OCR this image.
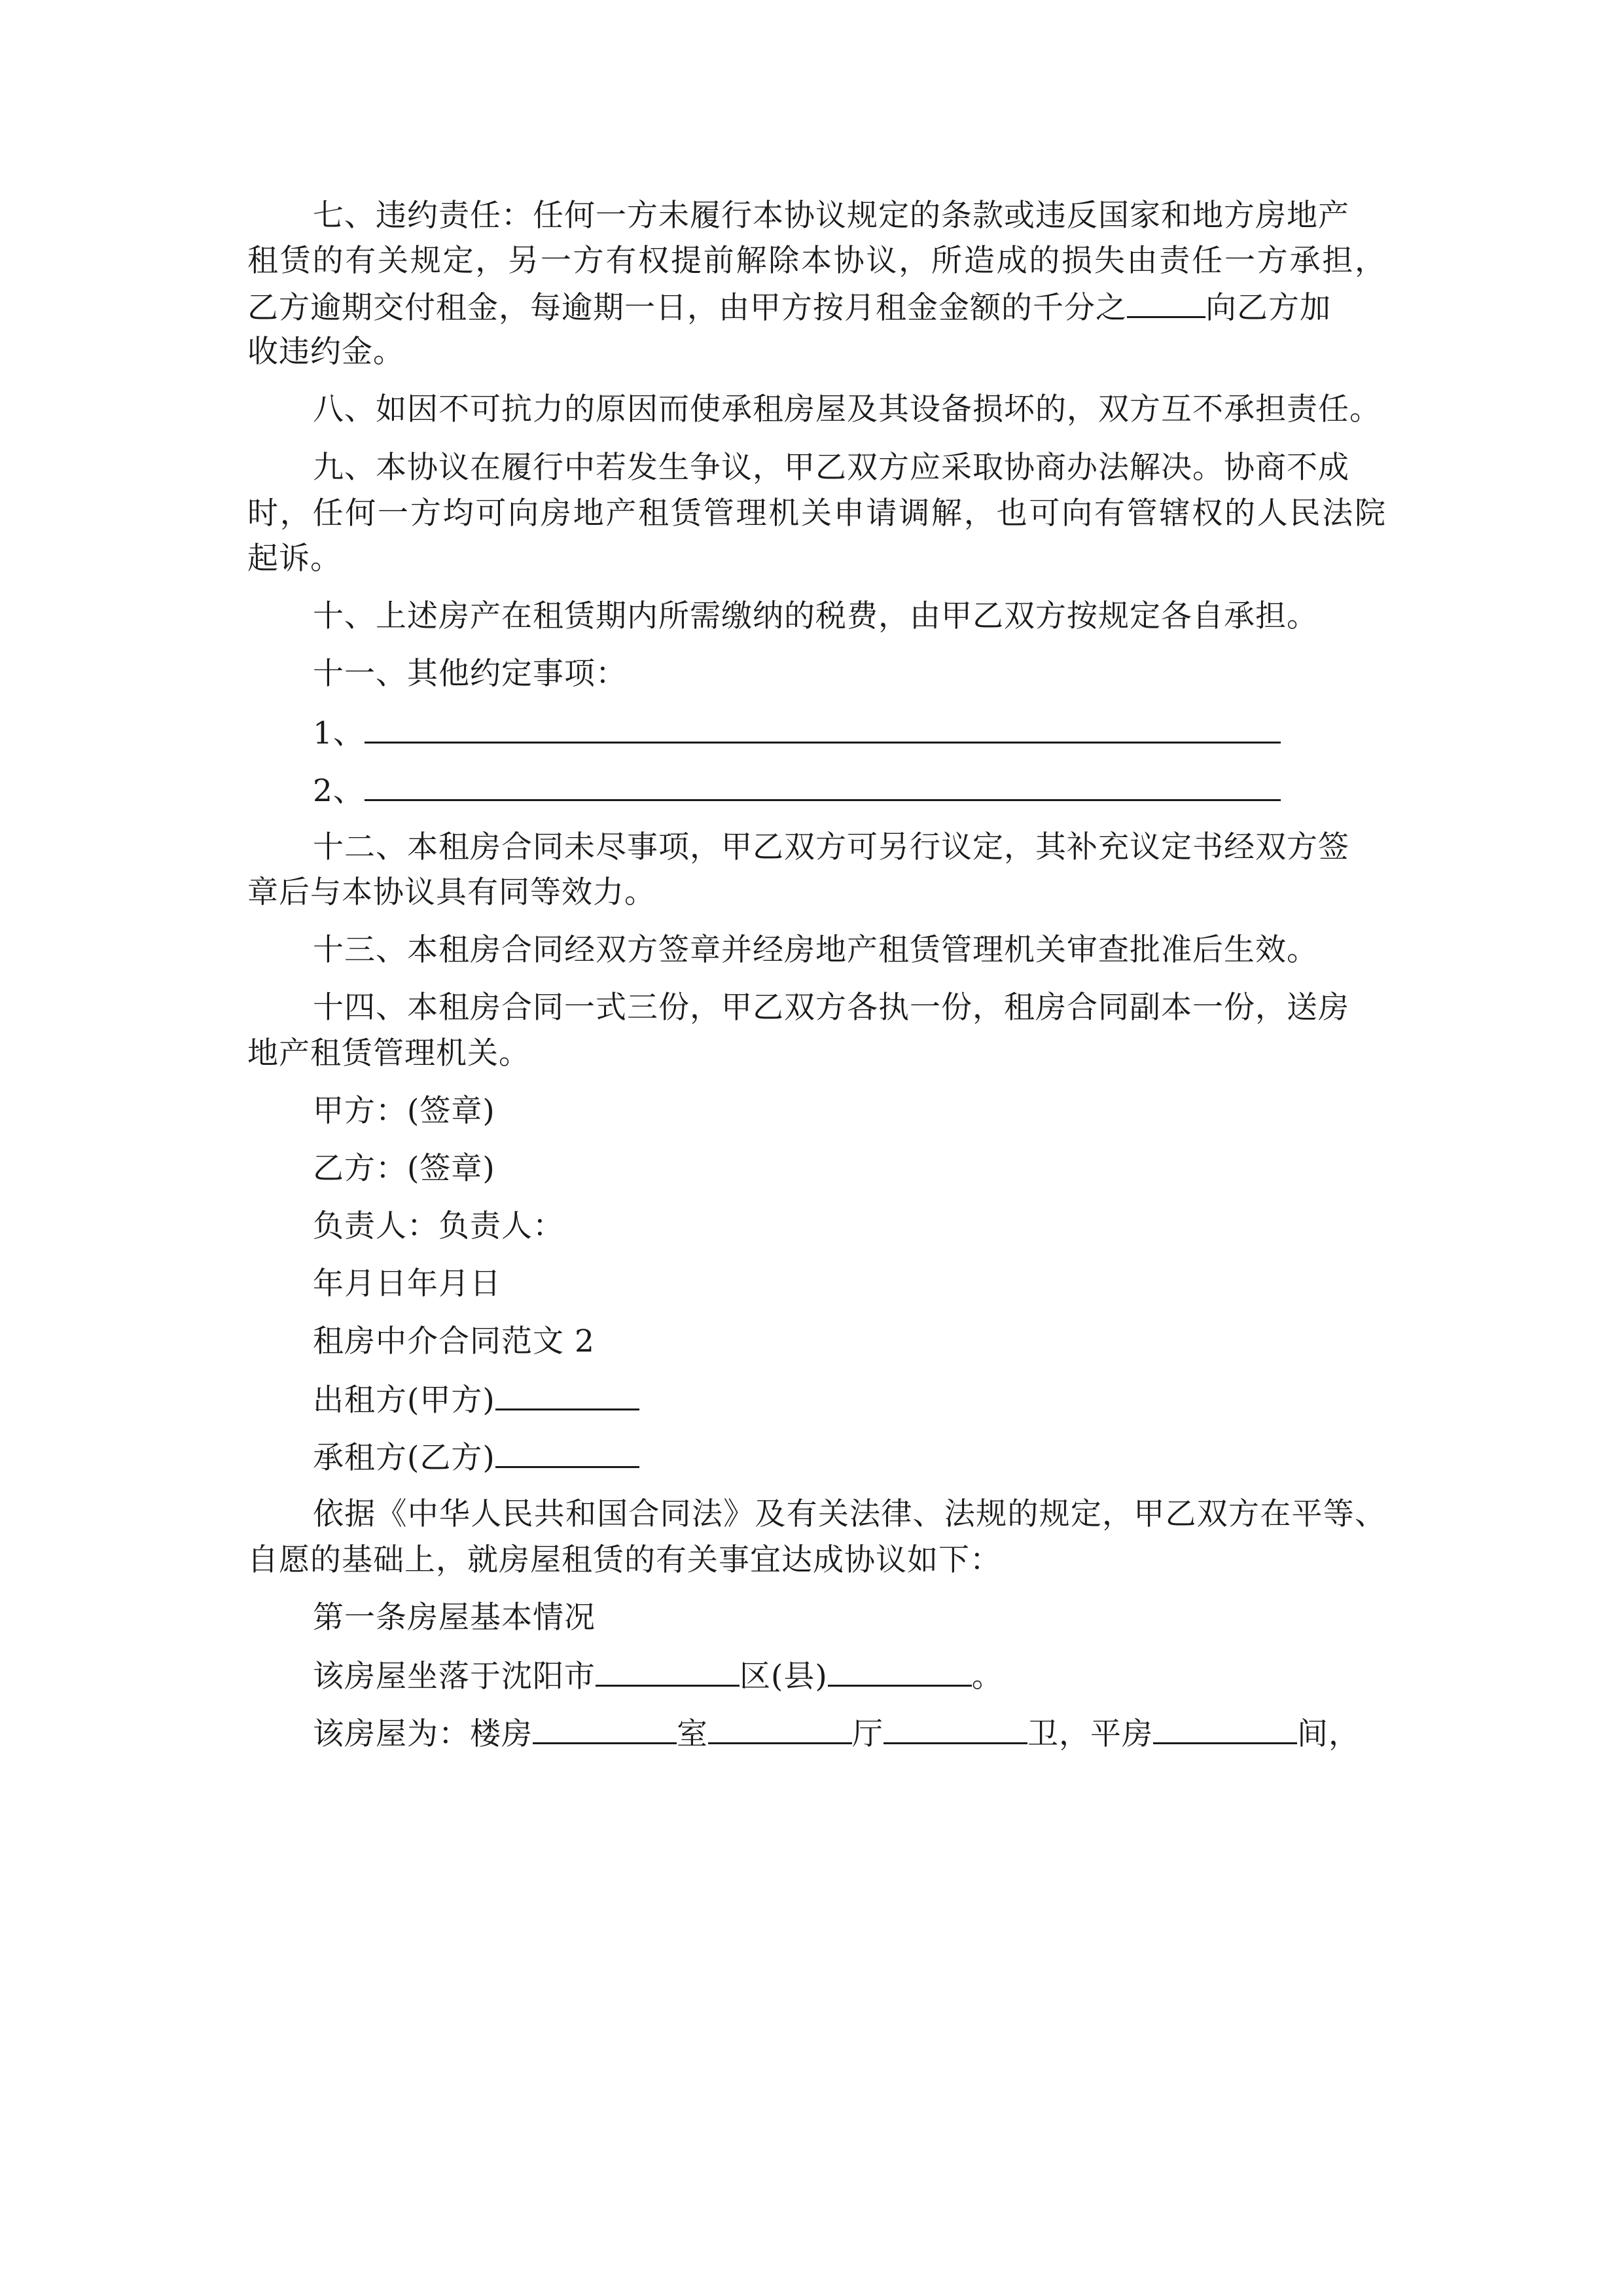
七、违约责任：任何一方未履行本协议规定的条款或违反国家和地方房地产
租赁的有关规定，另一方有权提前解除本协议，所造成的损失由责任一方承担，
乙方逾期交付租金，每逾期一日，由甲方按月租金金额的千分之	向乙方加
收违约金。
八、如因不可抗力的原因而使承租房屋及其设备损坏的，双方互不承担责任。
九、本协议在履行中若发生争议，甲乙双方应采取协商办法解决。协商不成
时，任何一方均可向房地产租赁管理机关申请调解，也可向有管辖权的人民法院
起诉。
十、上述房产在租赁期内所需缴纳的税费，由甲乙双方按规定各自承担。
十一、其他约定事项：
1、
2、
十二、本租房合同未尽事项，甲乙双方可另行议定，其补充议定书经双方签
章后与本协议具有同等效力。
十三、本租房合同经双方签章并经房地产租赁管理机关审查批准后生效。
十四、本租房合同一式三份，甲乙双方各执一份，租房合同副本一份，送房
地产租赁管理机关。
甲方：(签章)
乙方：(签章)
负责人：负责人：
年月日年月日
租房中介合同范文 2
出租方(甲方)
承租方(乙方)
依据《中华人民共和国合同法》及有关法律、法规的规定，甲乙双方在平等、
自愿的基础上，就房屋租赁的有关事宜达成协议如下：
第一条房屋基本情况
该房屋坐落于沈阳市	区(县)	。
该房屋为：楼房	室	厅	卫，平房	间，
